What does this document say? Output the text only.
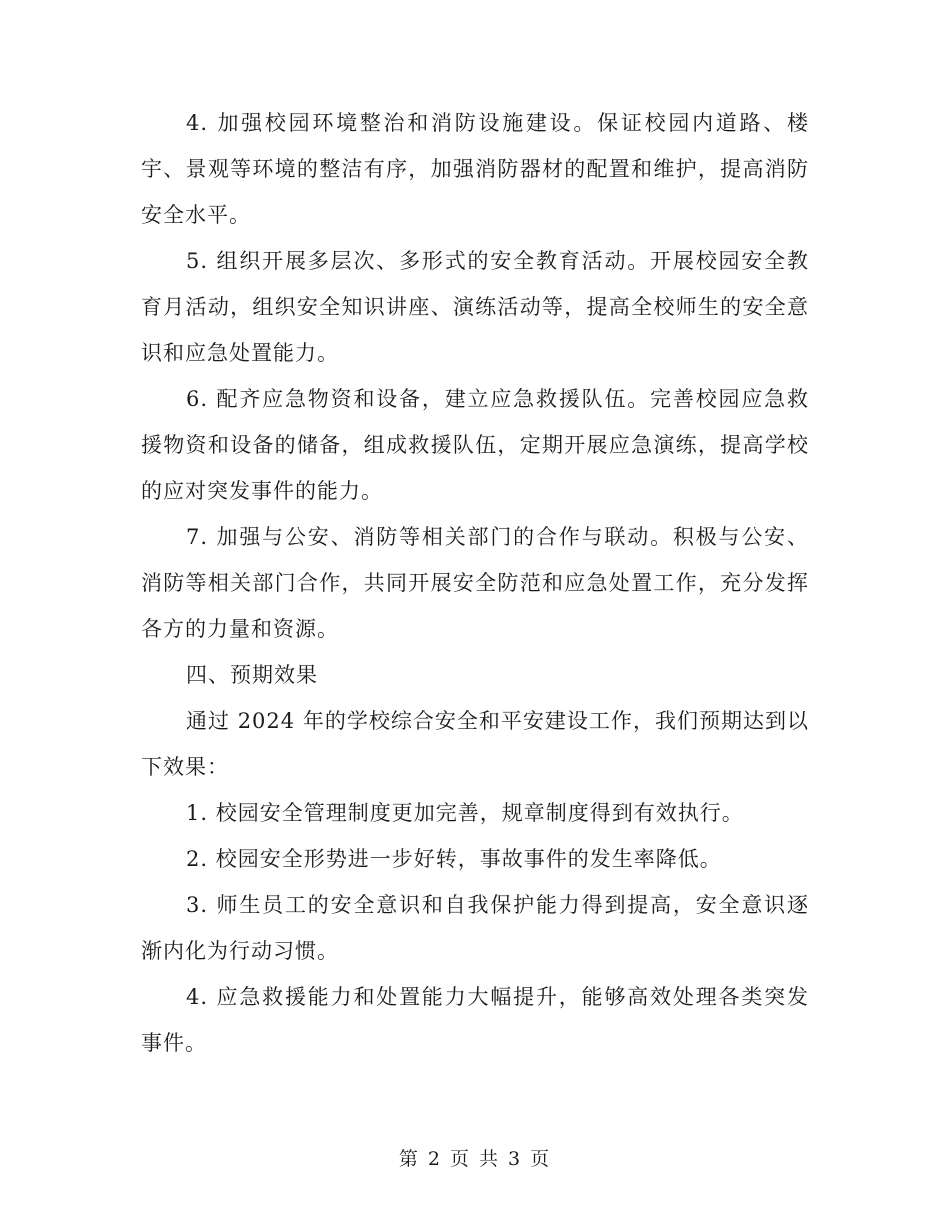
4. 加强校园环境整治和消防设施建设。保证校园内道路、楼宇、景观等环境的整洁有序，加强消防器材的配置和维护，提高消防安全水平。

5. 组织开展多层次、多形式的安全教育活动。开展校园安全教育月活动，组织安全知识讲座、演练活动等，提高全校师生的安全意识和应急处置能力。

6. 配齐应急物资和设备，建立应急救援队伍。完善校园应急救援物资和设备的储备，组成救援队伍，定期开展应急演练，提高学校的应对突发事件的能力。

7. 加强与公安、消防等相关部门的合作与联动。积极与公安、消防等相关部门合作，共同开展安全防范和应急处置工作，充分发挥各方的力量和资源。

四、预期效果

通过 2024 年的学校综合安全和平安建设工作，我们预期达到以下效果：

1. 校园安全管理制度更加完善，规章制度得到有效执行。

2. 校园安全形势进一步好转，事故事件的发生率降低。

3. 师生员工的安全意识和自我保护能力得到提高，安全意识逐渐内化为行动习惯。

4. 应急救援能力和处置能力大幅提升，能够高效处理各类突发事件。

第 2 页 共 3 页
